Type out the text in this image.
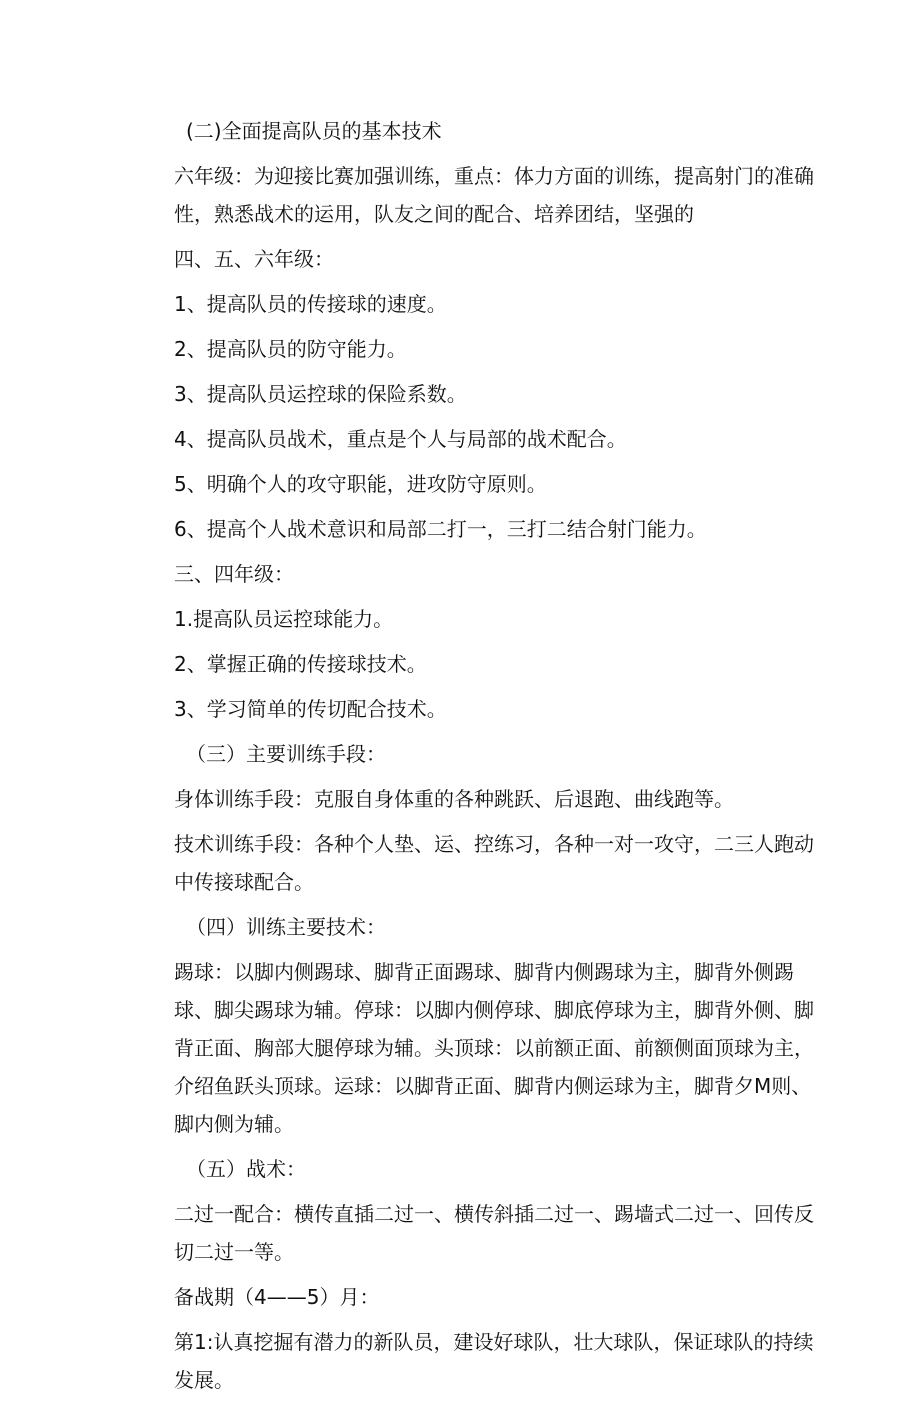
(二)全面提高队员的基本技术

六年级：为迎接比赛加强训练，重点：体力方面的训练，提高射门的准确性，熟悉战术的运用，队友之间的配合、培养团结，坚强的

四、五、六年级：

1、提高队员的传接球的速度。

2、提高队员的防守能力。

3、提高队员运控球的保险系数。

4、提高队员战术，重点是个人与局部的战术配合。

5、明确个人的攻守职能，进攻防守原则。

6、提高个人战术意识和局部二打一，三打二结合射门能力。

三、四年级：

1.提高队员运控球能力。

2、掌握正确的传接球技术。

3、学习简单的传切配合技术。

（三）主要训练手段：

身体训练手段：克服自身体重的各种跳跃、后退跑、曲线跑等。

技术训练手段：各种个人垫、运、控练习，各种一对一攻守，二三人跑动中传接球配合。

（四）训练主要技术：

踢球：以脚内侧踢球、脚背正面踢球、脚背内侧踢球为主，脚背外侧踢球、脚尖踢球为辅。停球：以脚内侧停球、脚底停球为主，脚背外侧、脚背正面、胸部大腿停球为辅。头顶球：以前额正面、前额侧面顶球为主，介绍鱼跃头顶球。运球：以脚背正面、脚背内侧运球为主，脚背夕M则、脚内侧为辅。

（五）战术：

二过一配合：横传直插二过一、横传斜插二过一、踢墙式二过一、回传反切二过一等。

备战期（4——5）月：

第1:认真挖掘有潜力的新队员，建设好球队，壮大球队，保证球队的持续发展。
